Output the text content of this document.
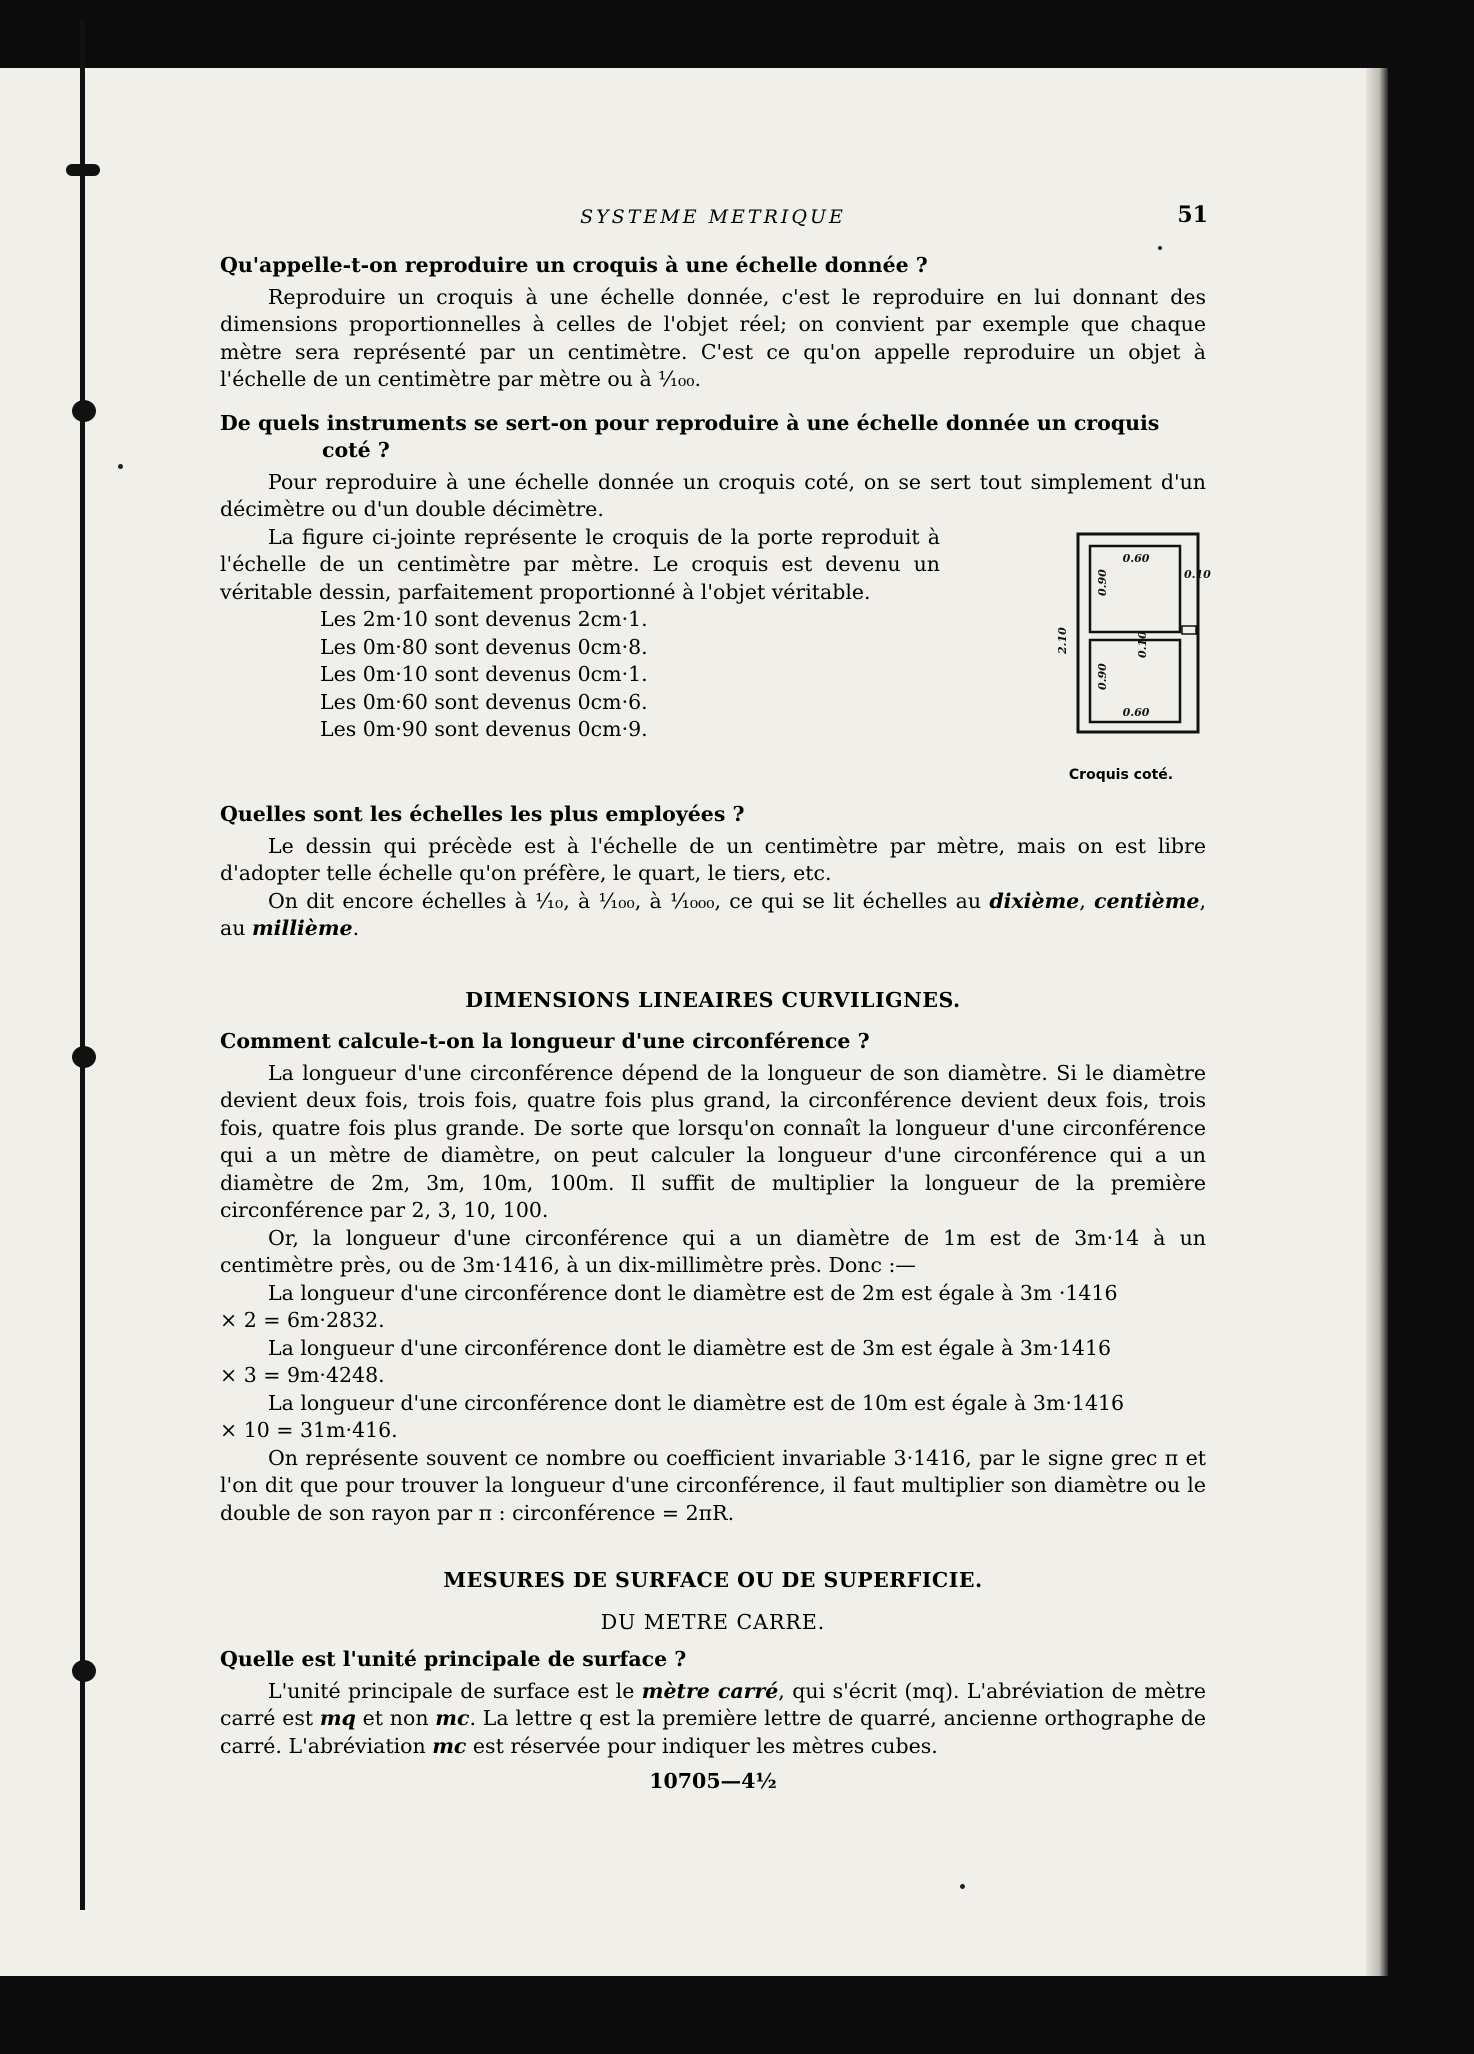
SYSTEME METRIQUE	51
Qu'appelle-t-on reproduire un croquis à une échelle donnée ?

Reproduire un croquis à une échelle donnée, c'est le reproduire en lui donnant des dimensions proportionnelles à celles de l'objet réel; on convient par exemple que chaque mètre sera représenté par un centimètre. C'est ce qu'on appelle reproduire un objet à l'échelle de un centimètre par mètre ou à ⅟₁₀₀.

De quels instruments se sert-on pour reproduire à une échelle donnée un croquis
coté ?

Pour reproduire à une échelle donnée un croquis coté, on se sert tout simplement d'un décimètre ou d'un double décimètre.

La figure ci-jointe représente le croquis de la porte reproduit à l'échelle de un centimètre par mètre. Le croquis est devenu un véritable dessin, parfaitement proportionné à l'objet véritable.

Les 2m·10 sont devenus 2cm·1.
Les 0m·80 sont devenus 0cm·8.
Les 0m·10 sont devenus 0cm·1.
Les 0m·60 sont devenus 0cm·6.
Les 0m·90 sont devenus 0cm·9.
0.60
0.60
0.90
0.90
0.10
0.10
2.10
Croquis coté.
Quelles sont les échelles les plus employées ?

Le dessin qui précède est à l'échelle de un centimètre par mètre, mais on est libre d'adopter telle échelle qu'on préfère, le quart, le tiers, etc.

On dit encore échelles à ⅟₁₀, à ⅟₁₀₀, à ⅟₁₀₀₀, ce qui se lit échelles au dixième, centième, au millième.

DIMENSIONS LINEAIRES CURVILIGNES.
Comment calcule-t-on la longueur d'une circonférence ?

La longueur d'une circonférence dépend de la longueur de son diamètre. Si le diamètre devient deux fois, trois fois, quatre fois plus grand, la circonférence devient deux fois, trois fois, quatre fois plus grande. De sorte que lorsqu'on connaît la longueur d'une circonférence qui a un mètre de diamètre, on peut calculer la longueur d'une circonférence qui a un diamètre de 2m, 3m, 10m, 100m. Il suffit de multiplier la longueur de la première circonférence par 2, 3, 10, 100.

Or, la longueur d'une circonférence qui a un diamètre de 1m est de 3m·14 à un centimètre près, ou de 3m·1416, à un dix-millimètre près. Donc :—

La longueur d'une circonférence dont le diamètre est de 2m est égale à 3m ·1416

× 2 = 6m·2832.

La longueur d'une circonférence dont le diamètre est de 3m est égale à 3m·1416

× 3 = 9m·4248.

La longueur d'une circonférence dont le diamètre est de 10m est égale à 3m·1416

× 10 = 31m·416.

On représente souvent ce nombre ou coefficient invariable 3·1416, par le signe grec π et l'on dit que pour trouver la longueur d'une circonférence, il faut multiplier son diamètre ou le double de son rayon par π : circonférence = 2πR.

MESURES DE SURFACE OU DE SUPERFICIE.
DU METRE CARRE.
Quelle est l'unité principale de surface ?

L'unité principale de surface est le mètre carré, qui s'écrit (mq). L'abréviation de mètre carré est mq et non mc. La lettre q est la première lettre de quarré, ancienne orthographe de carré. L'abréviation mc est réservée pour indiquer les mètres cubes.

10705—4½
